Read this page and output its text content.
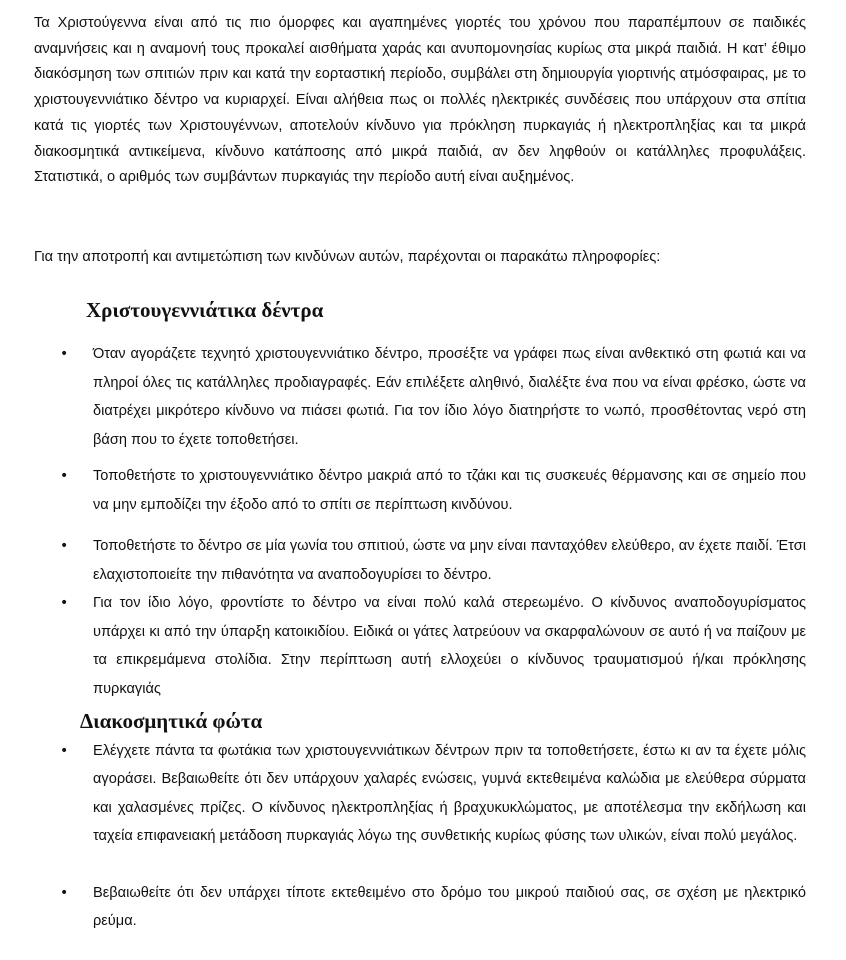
Τα Χριστούγεννα είναι από τις πιο όμορφες και αγαπημένες γιορτές του χρόνου που παραπέμπουν σε παιδικές αναμνήσεις και η αναμονή τους προκαλεί αισθήματα χαράς και ανυπομονησίας κυρίως στα μικρά παιδιά. Η κατ’ έθιμο διακόσμηση των σπιτιών πριν και κατά την εορταστική περίοδο, συμβάλει στη δημιουργία γιορτινής ατμόσφαιρας, με το χριστουγεννιάτικο δέντρο να κυριαρχεί. Είναι αλήθεια πως οι πολλές ηλεκτρικές συνδέσεις που υπάρχουν στα σπίτια κατά τις γιορτές των Χριστουγέννων, αποτελούν κίνδυνο για πρόκληση πυρκαγιάς ή ηλεκτροπληξίας και τα μικρά διακοσμητικά αντικείμενα, κίνδυνο κατάποσης από μικρά παιδιά, αν δεν ληφθούν οι κατάλληλες προφυλάξεις. Στατιστικά, ο αριθμός των συμβάντων πυρκαγιάς την περίοδο αυτή είναι αυξημένος.

Για την αποτροπή και αντιμετώπιση των κινδύνων αυτών, παρέχονται οι παρακάτω πληροφορίες:

Χριστουγεννιάτικα δέντρα
•	Όταν αγοράζετε τεχνητό χριστουγεννιάτικο δέντρο, προσέξτε να γράφει πως είναι ανθεκτικό στη φωτιά και να πληροί όλες τις κατάλληλες προδιαγραφές. Εάν επιλέξετε αληθινό, διαλέξτε ένα που να είναι φρέσκο, ώστε να διατρέχει μικρότερο κίνδυνο να πιάσει φωτιά. Για τον ίδιο λόγο διατηρήστε το νωπό, προσθέτοντας νερό στη βάση που το έχετε τοποθετήσει.
•	Τοποθετήστε το χριστουγεννιάτικο δέντρο μακριά από το τζάκι και τις συσκευές θέρμανσης και σε σημείο που να μην εμποδίζει την έξοδο από το σπίτι σε περίπτωση κινδύνου.
•	Τοποθετήστε το δέντρο σε μία γωνία του σπιτιού, ώστε να μην είναι πανταχόθεν ελεύθερο, αν έχετε παιδί. Έτσι ελαχιστοποιείτε την πιθανότητα να αναποδογυρίσει το δέντρο.
•	Για τον ίδιο λόγο, φροντίστε το δέντρο να είναι πολύ καλά στερεωμένο. Ο κίνδυνος αναποδογυρίσματος υπάρχει κι από την ύπαρξη κατοικιδίου. Ειδικά οι γάτες λατρεύουν να σκαρφαλώνουν σε αυτό ή να παίζουν με τα επικρεμάμενα στολίδια. Στην περίπτωση αυτή ελλοχεύει ο κίνδυνος τραυματισμού ή/και πρόκλησης πυρκαγιάς
Διακοσμητικά φώτα
•	Ελέγχετε πάντα τα φωτάκια των χριστουγεννιάτικων δέντρων πριν τα τοποθετήσετε, έστω κι αν τα έχετε μόλις αγοράσει. Βεβαιωθείτε ότι δεν υπάρχουν χαλαρές ενώσεις, γυμνά εκτεθειμένα καλώδια με ελεύθερα σύρματα και χαλασμένες πρίζες. Ο κίνδυνος ηλεκτροπληξίας ή βραχυκυκλώματος, με αποτέλεσμα την εκδήλωση και ταχεία επιφανειακή μετάδοση πυρκαγιάς λόγω της συνθετικής κυρίως φύσης των υλικών, είναι πολύ μεγάλος.
•	Βεβαιωθείτε ότι δεν υπάρχει τίποτε εκτεθειμένο στο δρόμο του μικρού παιδιού σας, σε σχέση με ηλεκτρικό ρεύμα.
